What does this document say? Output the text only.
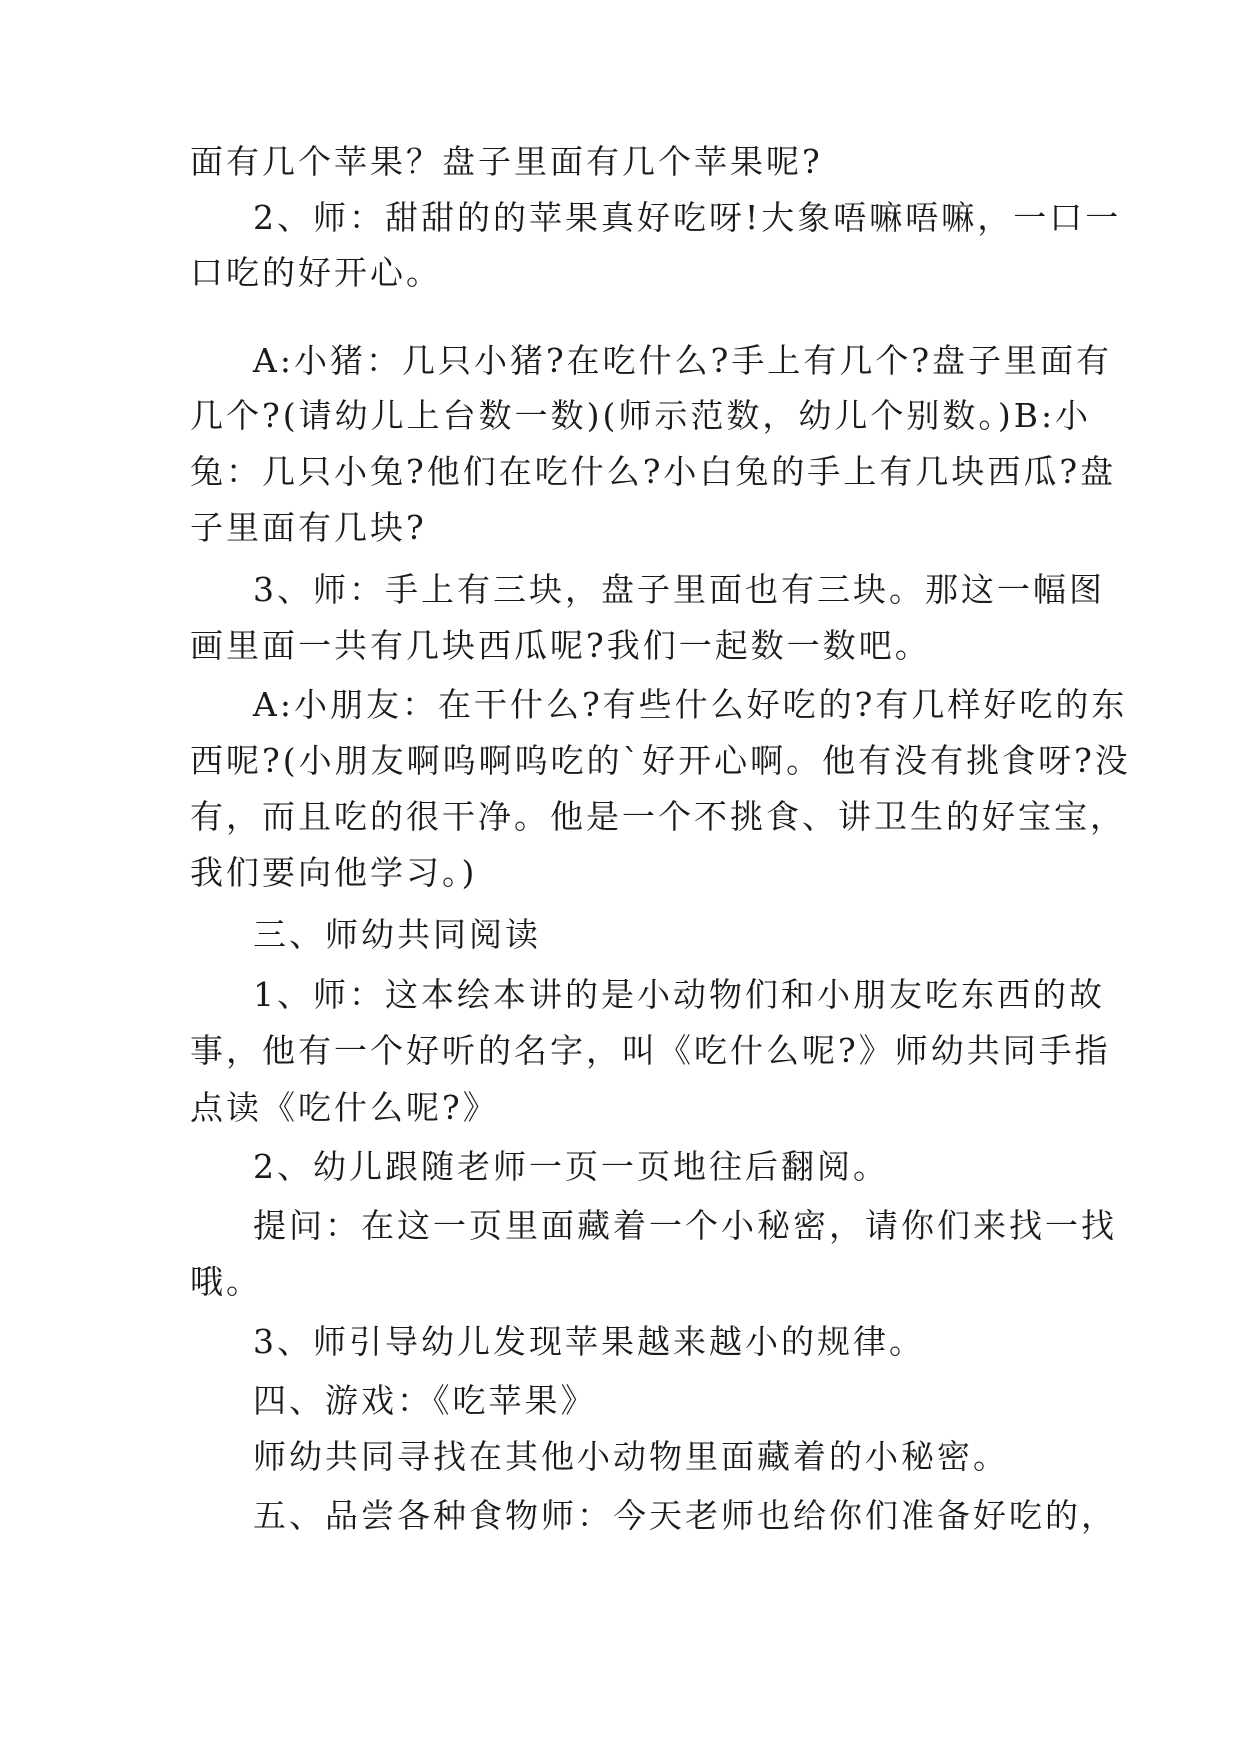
面有几个苹果？盘子里面有几个苹果呢?
2、师：甜甜的的苹果真好吃呀!大象唔嘛唔嘛，一口一
口吃的好开心。
A:小猪：几只小猪?在吃什么?手上有几个?盘子里面有
几个?(请幼儿上台数一数)(师示范数，幼儿个别数。)B:小
兔：几只小兔?他们在吃什么?小白兔的手上有几块西瓜?盘
子里面有几块?
3、师：手上有三块，盘子里面也有三块。那这一幅图
画里面一共有几块西瓜呢?我们一起数一数吧。
A:小朋友：在干什么?有些什么好吃的?有几样好吃的东
西呢?(小朋友啊呜啊呜吃的`好开心啊。他有没有挑食呀?没
有，而且吃的很干净。他是一个不挑食、讲卫生的好宝宝，
我们要向他学习。)
三、师幼共同阅读
1、师：这本绘本讲的是小动物们和小朋友吃东西的故
事，他有一个好听的名字，叫《吃什么呢?》师幼共同手指
点读《吃什么呢?》
2、幼儿跟随老师一页一页地往后翻阅。
提问：在这一页里面藏着一个小秘密，请你们来找一找
哦。
3、师引导幼儿发现苹果越来越小的规律。
四、游戏：《吃苹果》
师幼共同寻找在其他小动物里面藏着的小秘密。
五、品尝各种食物师：今天老师也给你们准备好吃的，
